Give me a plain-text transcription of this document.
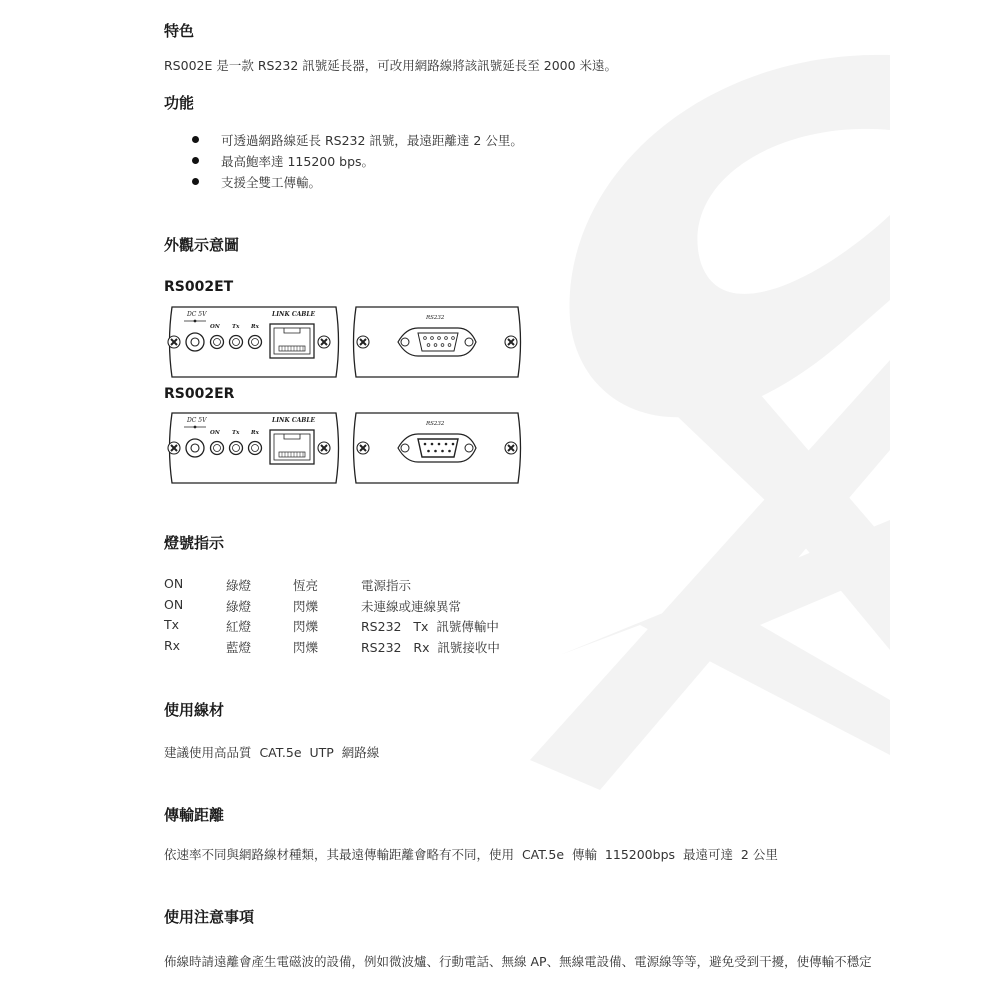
特色

RS002E 是一款 RS232 訊號延長器，可改用網路線將該訊號延長至 2000 米遠。

功能
可透過網路線延長 RS232 訊號，最遠距離達 2 公里。
最高鮑率達 115200 bps。
支援全雙工傳輸。
外觀示意圖
RS002ET
DC 5V
ON Tx Rx
LINK CABLE	RS232
RS002ER
DC 5V
ON Tx Rx
LINK CABLE	RS232
燈號指示
ON	綠燈	恆亮	電源指示
ON	綠燈	閃爍	未連線或連線異常
Tx	紅燈	閃爍	RS232   Tx  訊號傳輸中
Rx	藍燈	閃爍	RS232   Rx  訊號接收中
使用線材

建議使用高品質  CAT.5e  UTP  網路線

傳輸距離

依速率不同與網路線材種類，其最遠傳輸距離會略有不同，使用  CAT.5e  傳輸  115200bps  最遠可達  2 公里

使用注意事項

佈線時請遠離會產生電磁波的設備，例如微波爐、行動電話、無線 AP、無線電設備、電源線等等，避免受到干擾，使傳輸不穩定
